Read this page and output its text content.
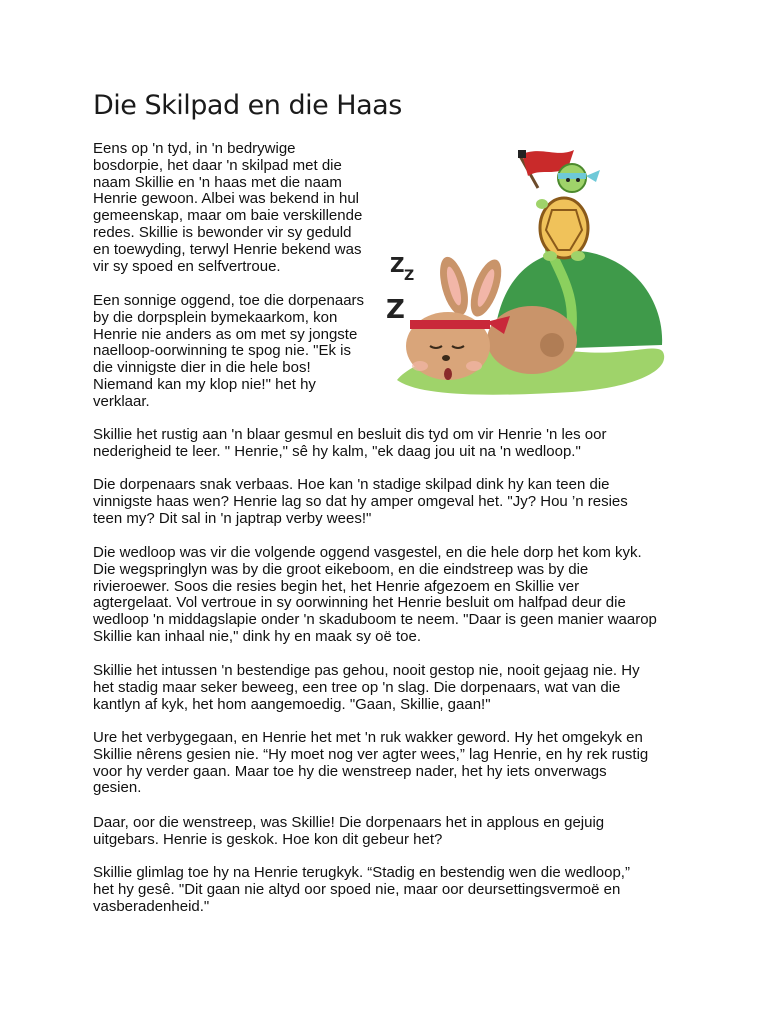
Die Skilpad en die Haas

Eens op 'n tyd, in 'n bedrywige
bosdorpie, het daar 'n skilpad met die
naam Skillie en 'n haas met die naam
Henrie gewoon. Albei was bekend in hul
gemeenskap, maar om baie verskillende
redes. Skillie is bewonder vir sy geduld
en toewyding, terwyl Henrie bekend was
vir sy spoed en selfvertroue.

Een sonnige oggend, toe die dorpenaars
by die dorpsplein bymekaarkom, kon
Henrie nie anders as om met sy jongste
naelloop-oorwinning te spog nie. "Ek is
die vinnigste dier in die hele bos!
Niemand kan my klop nie!" het hy
verklaar.

Skillie het rustig aan 'n blaar gesmul en besluit dis tyd om vir Henrie 'n les oor
nederigheid te leer. " Henrie," sê hy kalm, "ek daag jou uit na 'n wedloop."

Die dorpenaars snak verbaas. Hoe kan 'n stadige skilpad dink hy kan teen die
vinnigste haas wen? Henrie lag so dat hy amper omgeval het. "Jy? Hou ’n resies
teen my? Dit sal in 'n japtrap verby wees!"

Die wedloop was vir die volgende oggend vasgestel, en die hele dorp het kom kyk.
Die wegspringlyn was by die groot eikeboom, en die eindstreep was by die
rivieroewer. Soos die resies begin het, het Henrie afgezoem en Skillie ver
agtergelaat. Vol vertroue in sy oorwinning het Henrie besluit om halfpad deur die
wedloop 'n middagslapie onder 'n skaduboom te neem. "Daar is geen manier waarop
Skillie kan inhaal nie," dink hy en maak sy oë toe.

Skillie het intussen 'n bestendige pas gehou, nooit gestop nie, nooit gejaag nie. Hy
het stadig maar seker beweeg, een tree op 'n slag. Die dorpenaars, wat van die
kantlyn af kyk, het hom aangemoedig. "Gaan, Skillie, gaan!"

Ure het verbygegaan, en Henrie het met 'n ruk wakker geword. Hy het omgekyk en
Skillie nêrens gesien nie. “Hy moet nog ver agter wees,” lag Henrie, en hy rek rustig
voor hy verder gaan. Maar toe hy die wenstreep nader, het hy iets onverwags
gesien.

Daar, oor die wenstreep, was Skillie! Die dorpenaars het in applous en gejuig
uitgebars. Henrie is geskok. Hoe kon dit gebeur het?

Skillie glimlag toe hy na Henrie terugkyk. “Stadig en bestendig wen die wedloop,”
het hy gesê. "Dit gaan nie altyd oor spoed nie, maar oor deursettingsvermoë en
vasberadenheid."

Z
Z
Z
